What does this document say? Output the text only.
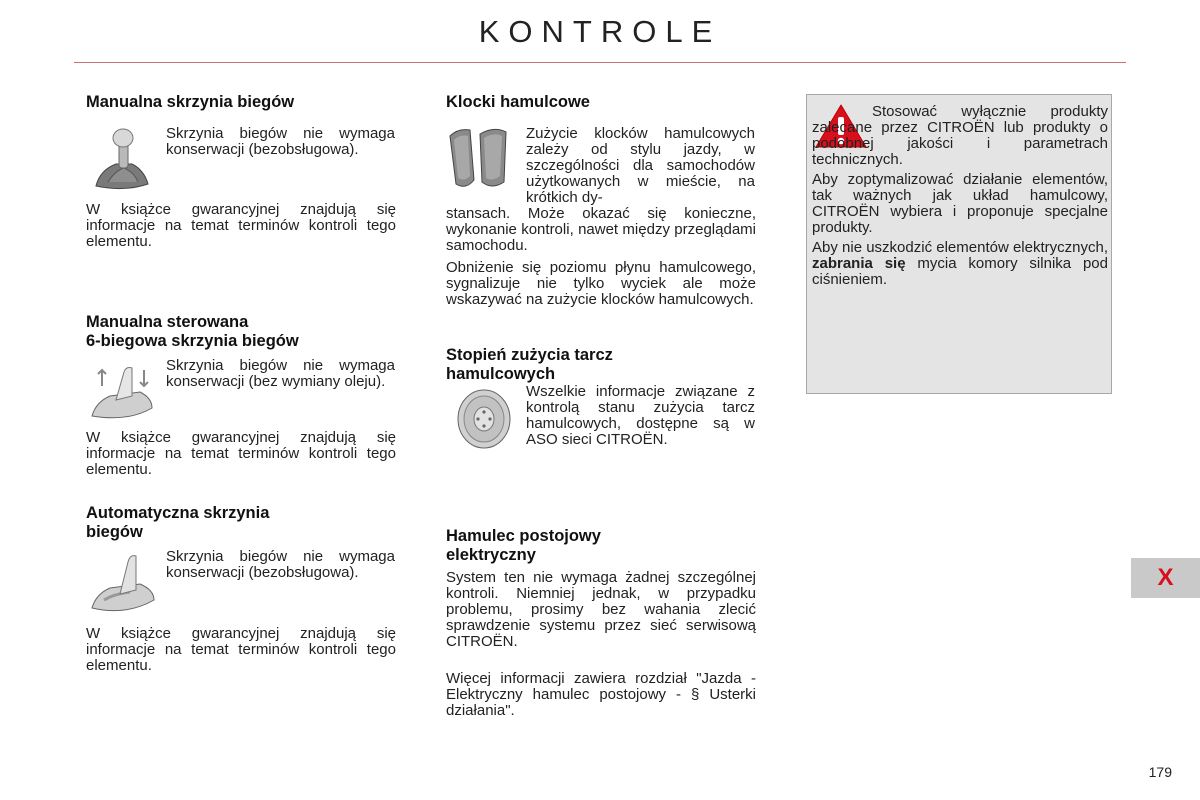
KONTROLE
Manualna skrzynia biegów

Skrzynia biegów nie wymaga konserwacji (bezobsługowa).

W książce gwarancyjnej znajdują się informacje na temat terminów kontroli tego elementu.

Manualna sterowana
6-biegowa skrzynia biegów

Skrzynia biegów nie wymaga konserwacji (bez wymiany oleju).

W książce gwarancyjnej znajdują się informacje na temat terminów kontroli tego elementu.

Automatyczna skrzynia
biegów

Skrzynia biegów nie wymaga konserwacji (bezobsługowa).

W książce gwarancyjnej znajdują się informacje na temat terminów kontroli tego elementu.

Klocki hamulcowe

Zużycie klocków hamulcowych zależy od stylu jazdy, w szczególności dla samochodów użytkowanych w mieście, na krótkich dy-

stansach. Może okazać się konieczne, wykonanie kontroli, nawet między przeglądami samochodu.

Obniżenie się poziomu płynu hamulcowego, sygnalizuje nie tylko wyciek ale może wskazywać na zużycie klocków hamulcowych.

Stopień zużycia tarcz
hamulcowych

Wszelkie informacje związane z kontrolą stanu zużycia tarcz hamulcowych, dostępne są w ASO sieci CITROËN.

Hamulec postojowy
elektryczny

System ten nie wymaga żadnej szczególnej kontroli. Niemniej jednak, w przypadku problemu, prosimy bez wahania zlecić sprawdzenie systemu przez sieć serwisową CITROËN.

Więcej informacji zawiera rozdział "Jazda - Elektryczny hamulec postojowy - § Usterki działania".

Stosować wyłącznie produkty zalecane przez CITROËN lub produkty o podobnej jakości i parametrach technicznych.

Aby zoptymalizować działanie elementów, tak ważnych jak układ hamulcowy, CITROËN wybiera i proponuje specjalne produkty.

Aby nie uszkodzić elementów elektrycznych, zabrania się mycia komory silnika pod ciśnieniem.

X
179
